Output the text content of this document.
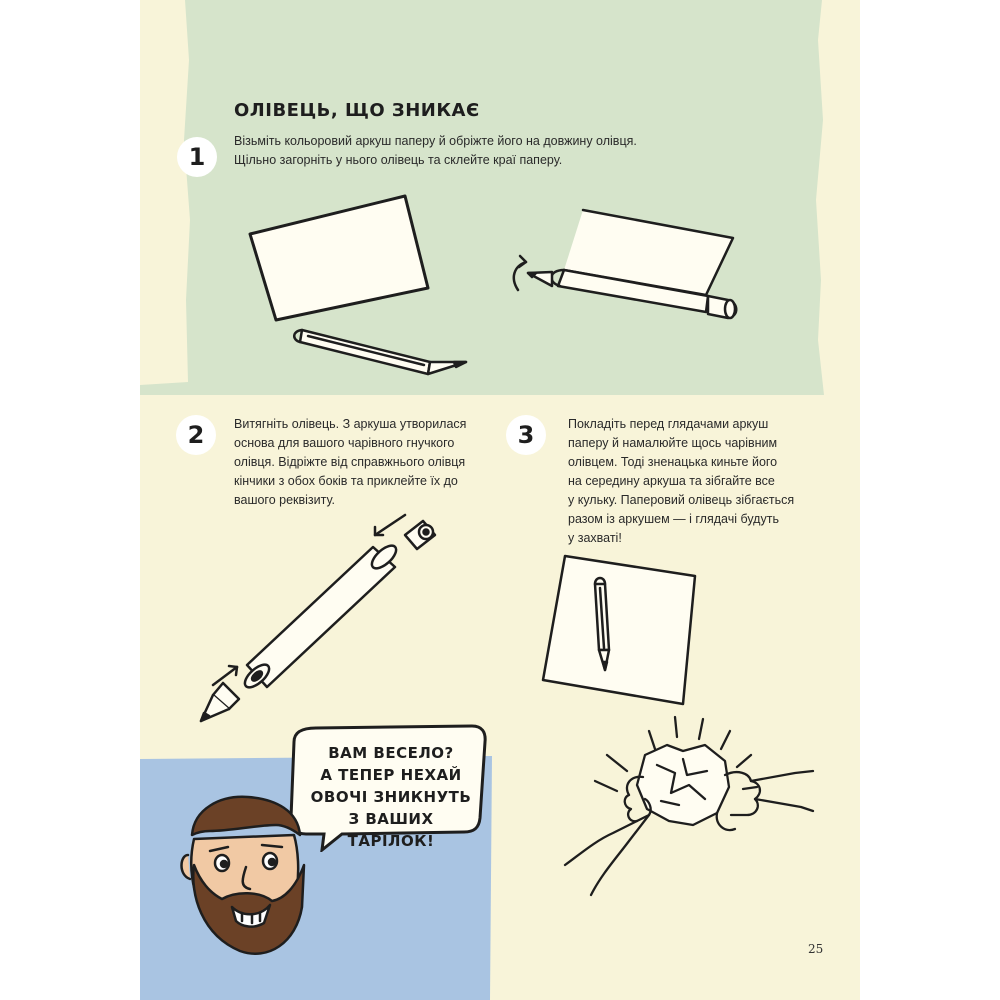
ОЛІВЕЦЬ, ЩО ЗНИКАЄ
1

Візьміть кольоровий аркуш паперу й обріжте його на довжину олівця.
Щільно загорніть у нього олівець та склейте краї паперу.

2	Витягніть олівець. З аркуша утворилася
основа для вашого чарівного гнучкого
олівця. Відріжте від справжнього олівця
кінчики з обох боків та приклейте їх до
вашого реквізиту.

3	Покладіть перед глядачами аркуш
паперу й намалюйте щось чарівним
олівцем. Тоді зненацька киньте його
на середину аркуша та зібгайте все
у кульку. Паперовий олівець зібгається
разом із аркушем — і глядачі будуть
у захваті!

ВАМ ВЕСЕЛО?
А ТЕПЕР НЕХАЙ
ОВОЧІ ЗНИКНУТЬ
З ВАШИХ ТАРІЛОК!
25
